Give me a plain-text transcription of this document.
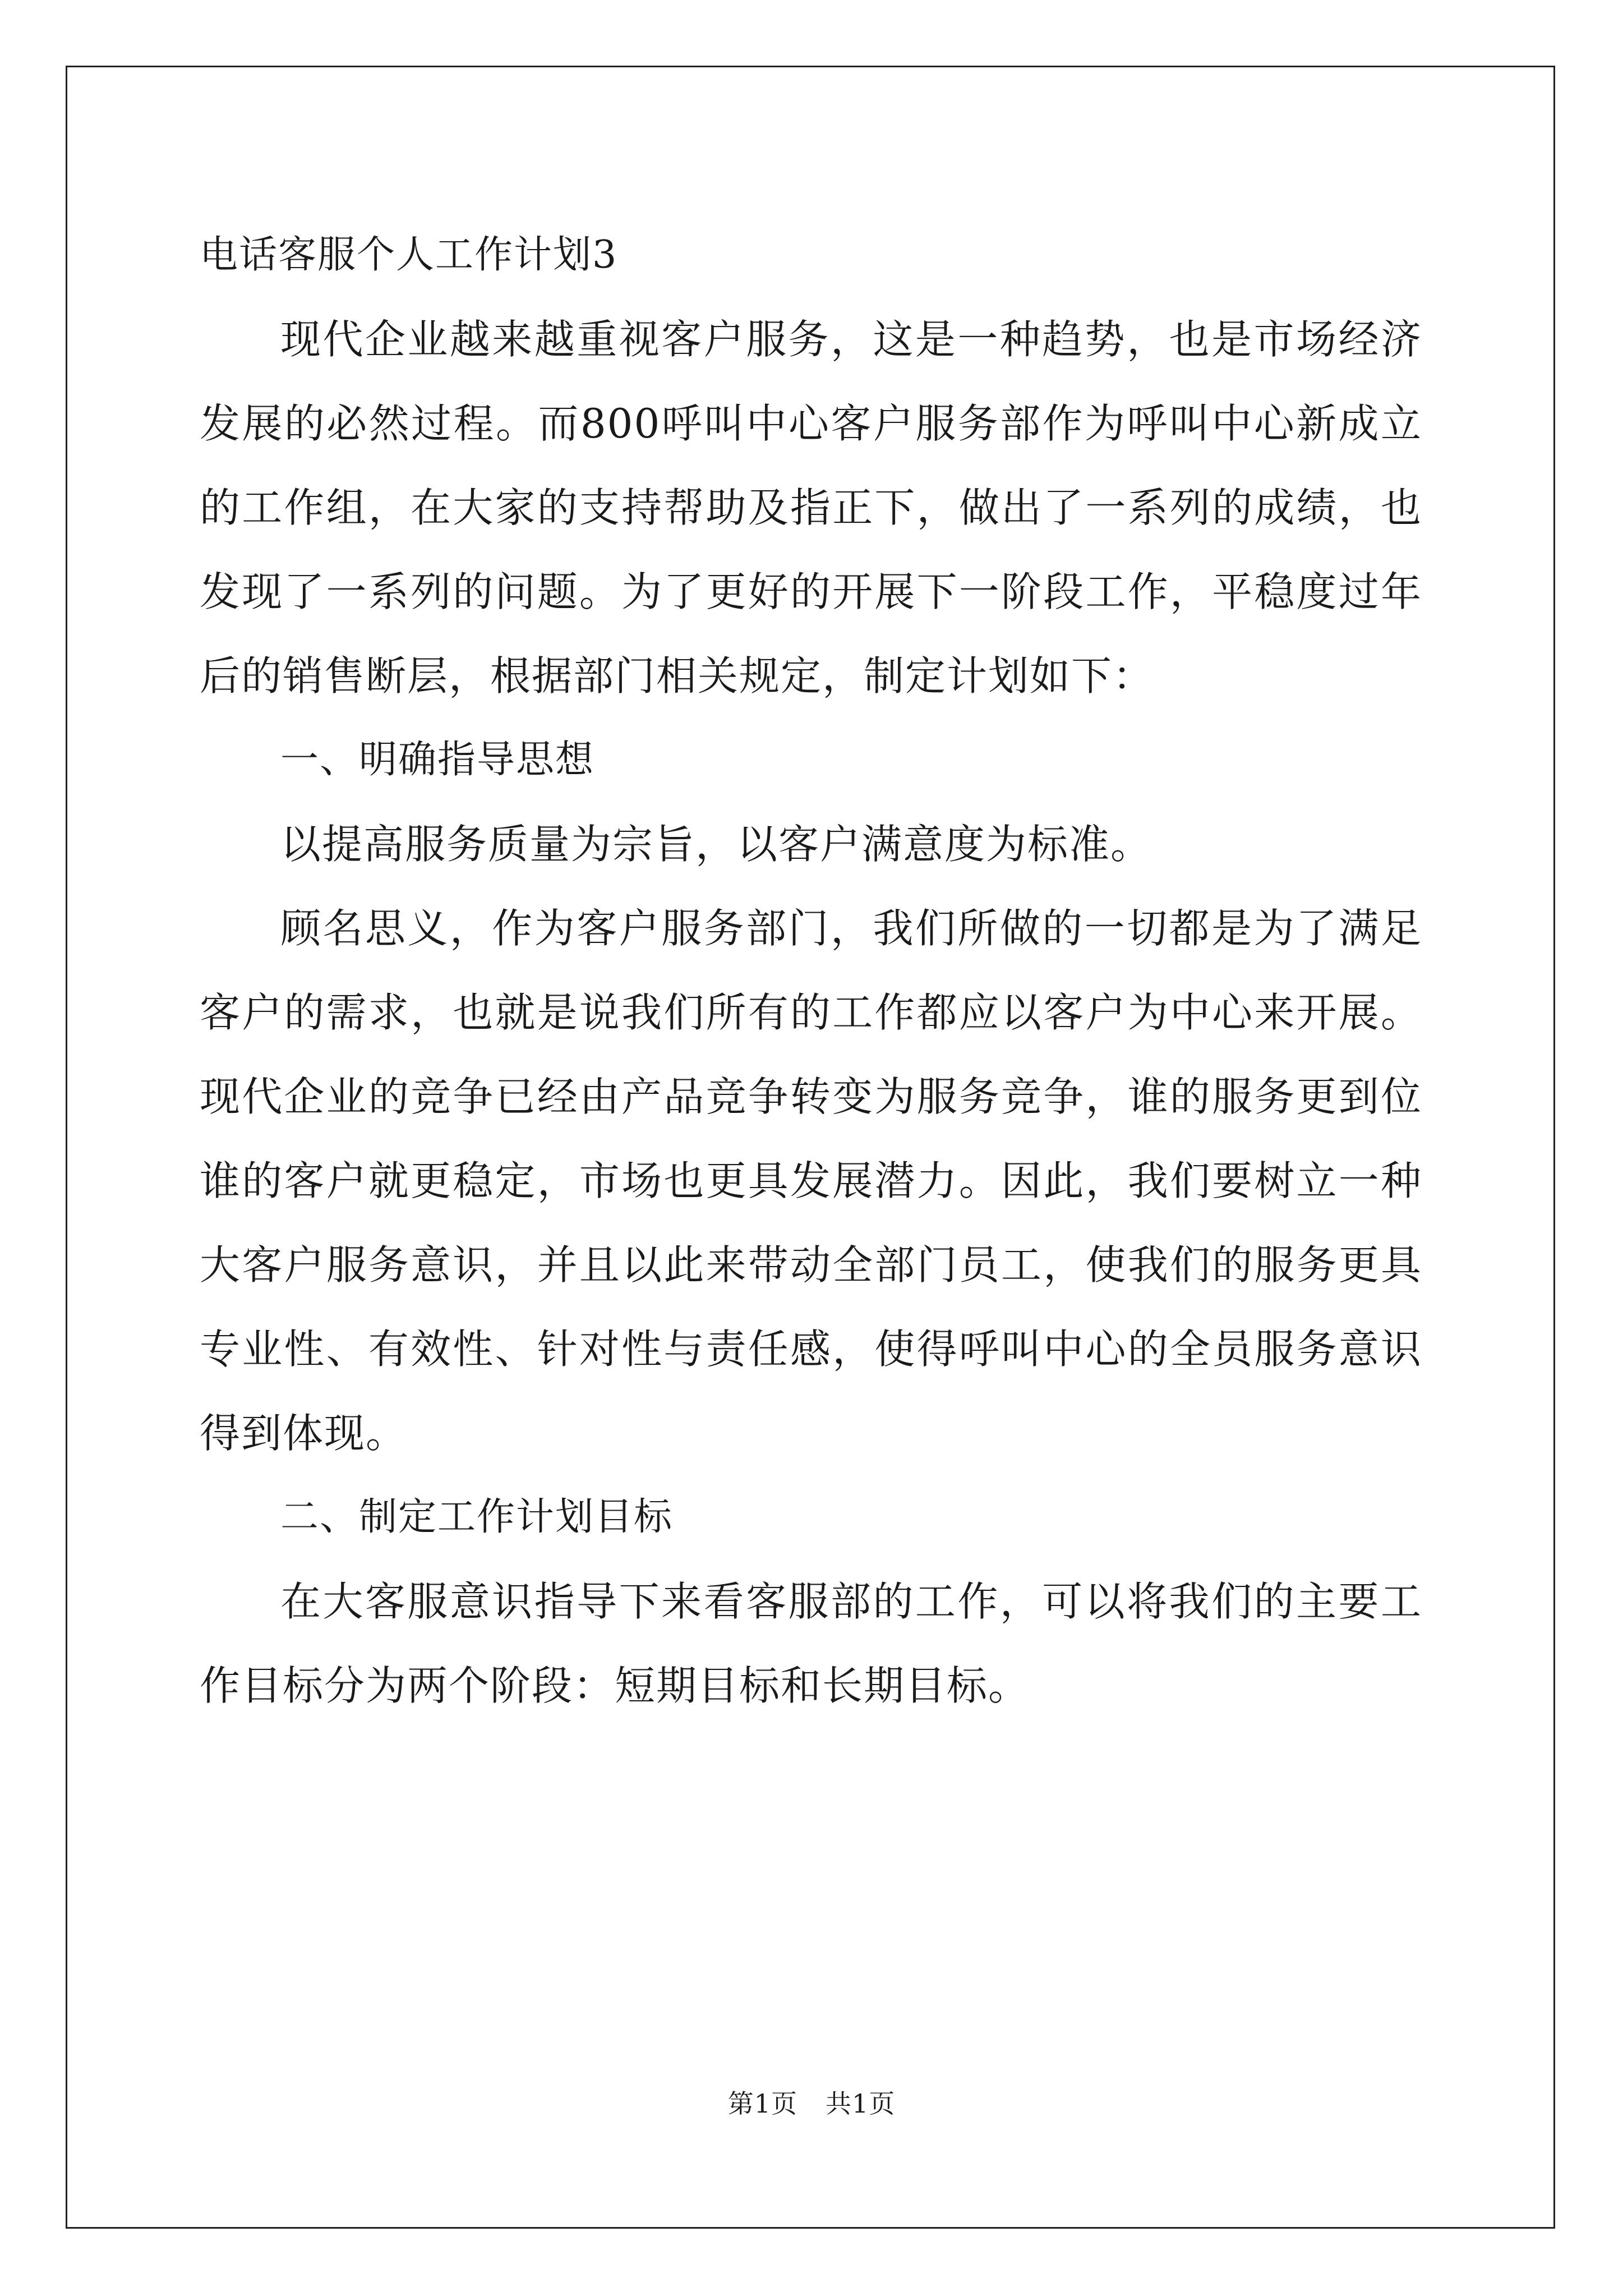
电话客服个人工作计划3

现代企业越来越重视客户服务，这是一种趋势，也是市场经济发展的必然过程。而800呼叫中心客户服务部作为呼叫中心新成立的工作组，在大家的支持帮助及指正下，做出了一系列的成绩，也发现了一系列的问题。为了更好的开展下一阶段工作，平稳度过年后的销售断层，根据部门相关规定，制定计划如下：

一、明确指导思想

以提高服务质量为宗旨，以客户满意度为标准。

顾名思义，作为客户服务部门，我们所做的一切都是为了满足客户的需求，也就是说我们所有的工作都应以客户为中心来开展。现代企业的竞争已经由产品竞争转变为服务竞争，谁的服务更到位谁的客户就更稳定，市场也更具发展潜力。因此，我们要树立一种大客户服务意识，并且以此来带动全部门员工，使我们的服务更具专业性、有效性、针对性与责任感，使得呼叫中心的全员服务意识得到体现。

二、制定工作计划目标

在大客服意识指导下来看客服部的工作，可以将我们的主要工作目标分为两个阶段：短期目标和长期目标。

第1页 共1页
